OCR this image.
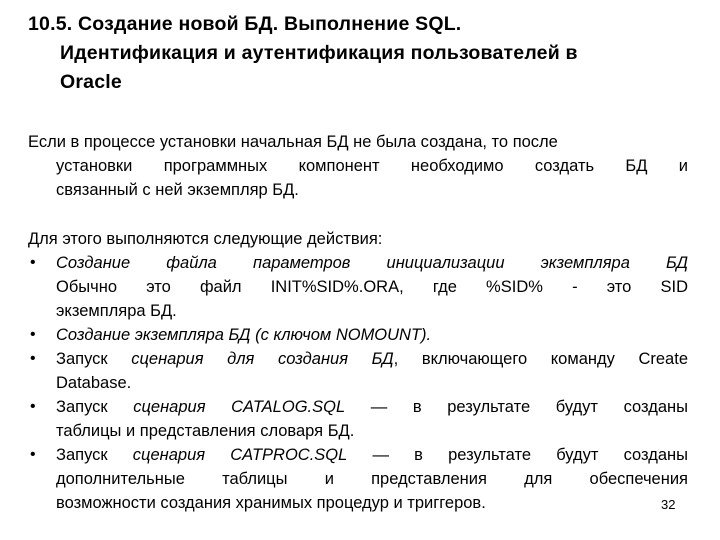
10.5. Создание новой БД. Выполнение SQL.
Идентификация и аутентификация пользователей в
Oracle
Если в процессе установки начальная БД не была создана, то после
установки программных компонент необходимо создать БД и
связанный с ней экземпляр БД.
Для этого выполняются следующие действия:
• Создание файла параметров инициализации экземпляра БД
Обычно это файл INIT%SID%.ORA, где %SID% - это SID
экземпляра БД.
• Создание экземпляра БД (с ключом NOMOUNT).
• Запуск сценария для создания БД, включающего команду Create
Database.
• Запуск сценария CATALOG.SQL — в результате будут созданы
таблицы и представления словаря БД.
• Запуск сценария CATPROC.SQL — в результате будут созданы
дополнительные таблицы и представления для обеспечения
возможности создания хранимых процедур и триггеров.	32
